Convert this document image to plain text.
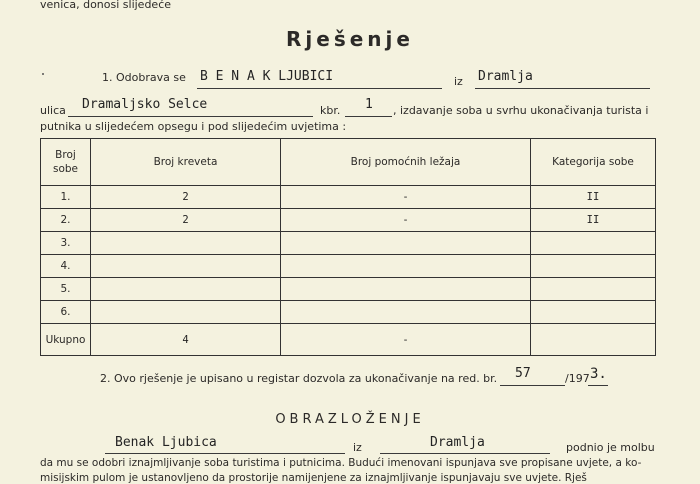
venica, donosi slijedeće
Rješenje
1. Odobrava se B E N A K LJUBICI	iz Dramlja
ulica Dramaljsko Selce	kbr. 1 , izdavanje soba u svrhu ukonačivanja turista i
putnika u slijedećem opsegu i pod slijedećim uvjetima :
Broj sobe	Broj kreveta	Broj pomoćnih ležaja	Kategorija sobe
1.	2	-	II
2.	2	-	II
3.			
4.			
5.			
6.			
Ukupno	4	-	
2. Ovo rješenje je upisano u registar dozvola za ukonačivanje na red. br. 57	/197 3.
OBRAZLOŽENJE
Benak Ljubica	iz	Dramlja	podnio je molbu
da mu se odobri iznajmljivanje soba turistima i putnicima. Budući imenovani ispunjava sve propisane uvjete, a ko-
misijskim pulom je ustanovljeno da prostorije namijenjene za iznajmljivanje ispunjavaju sve uvjete. Rješ
